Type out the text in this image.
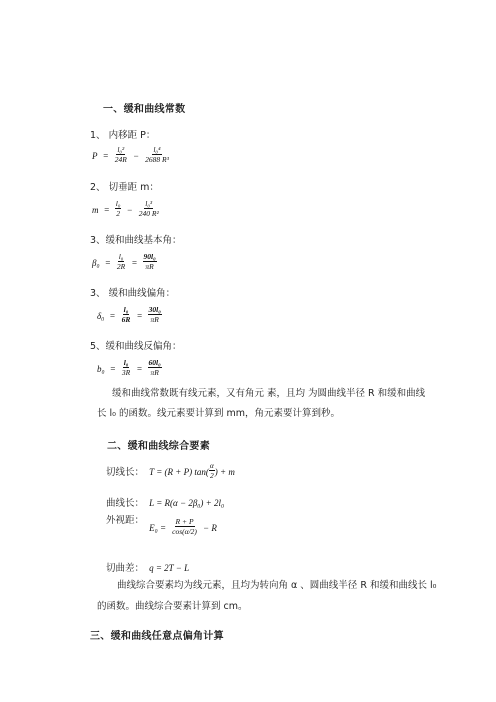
一、缓和曲线常数
1、 内移距 P：
$P = \frac{\text{l₀²}}{24R} - \frac{\text{l₀⁴}}{\text{2688 R³}}$
2、 切垂距 m：
$m = \frac{\text{l₀}}{2} - \frac{\text{l₀³}}{\text{240 R²}}$
3、缓和曲线基本角：
$\beta_0 = \frac{\text{l₀}}{2R} = \frac{\text{90l₀}}{\pi R}$
3、 缓和曲线偏角：
$\delta_0 = \frac{\text{l₀}}{6R} = \frac{\text{30l₀}}{\pi R}$
5、缓和曲线反偏角：
$b_0 = \frac{\text{l₀}}{3R} = \frac{\text{60l₀}}{\pi R}$
缓和曲线常数既有线元素，又有角元 素，且均 为圆曲线半径 R 和缓和曲线
长 l₀ 的函数。线元素要计算到 mm，角元素要计算到秒。
二、缓和曲线综合要素
切线长： T = (R + P) $\tan( \frac{\alpha}{2}$ ) + m
曲线长： L = R(α − 2β₀) + 2l₀
$^{外视距:}$ $E_0 = \frac{R + P}{\cos(\alpha/2)} - R$
切曲差： q = 2T − L
曲线综合要素均为线元素，且均为转向角 α 、圆曲线半径 R 和缓和曲线长 l₀
的函数。曲线综合要素计算到 cm。
三、缓和曲线任意点偏角计算
